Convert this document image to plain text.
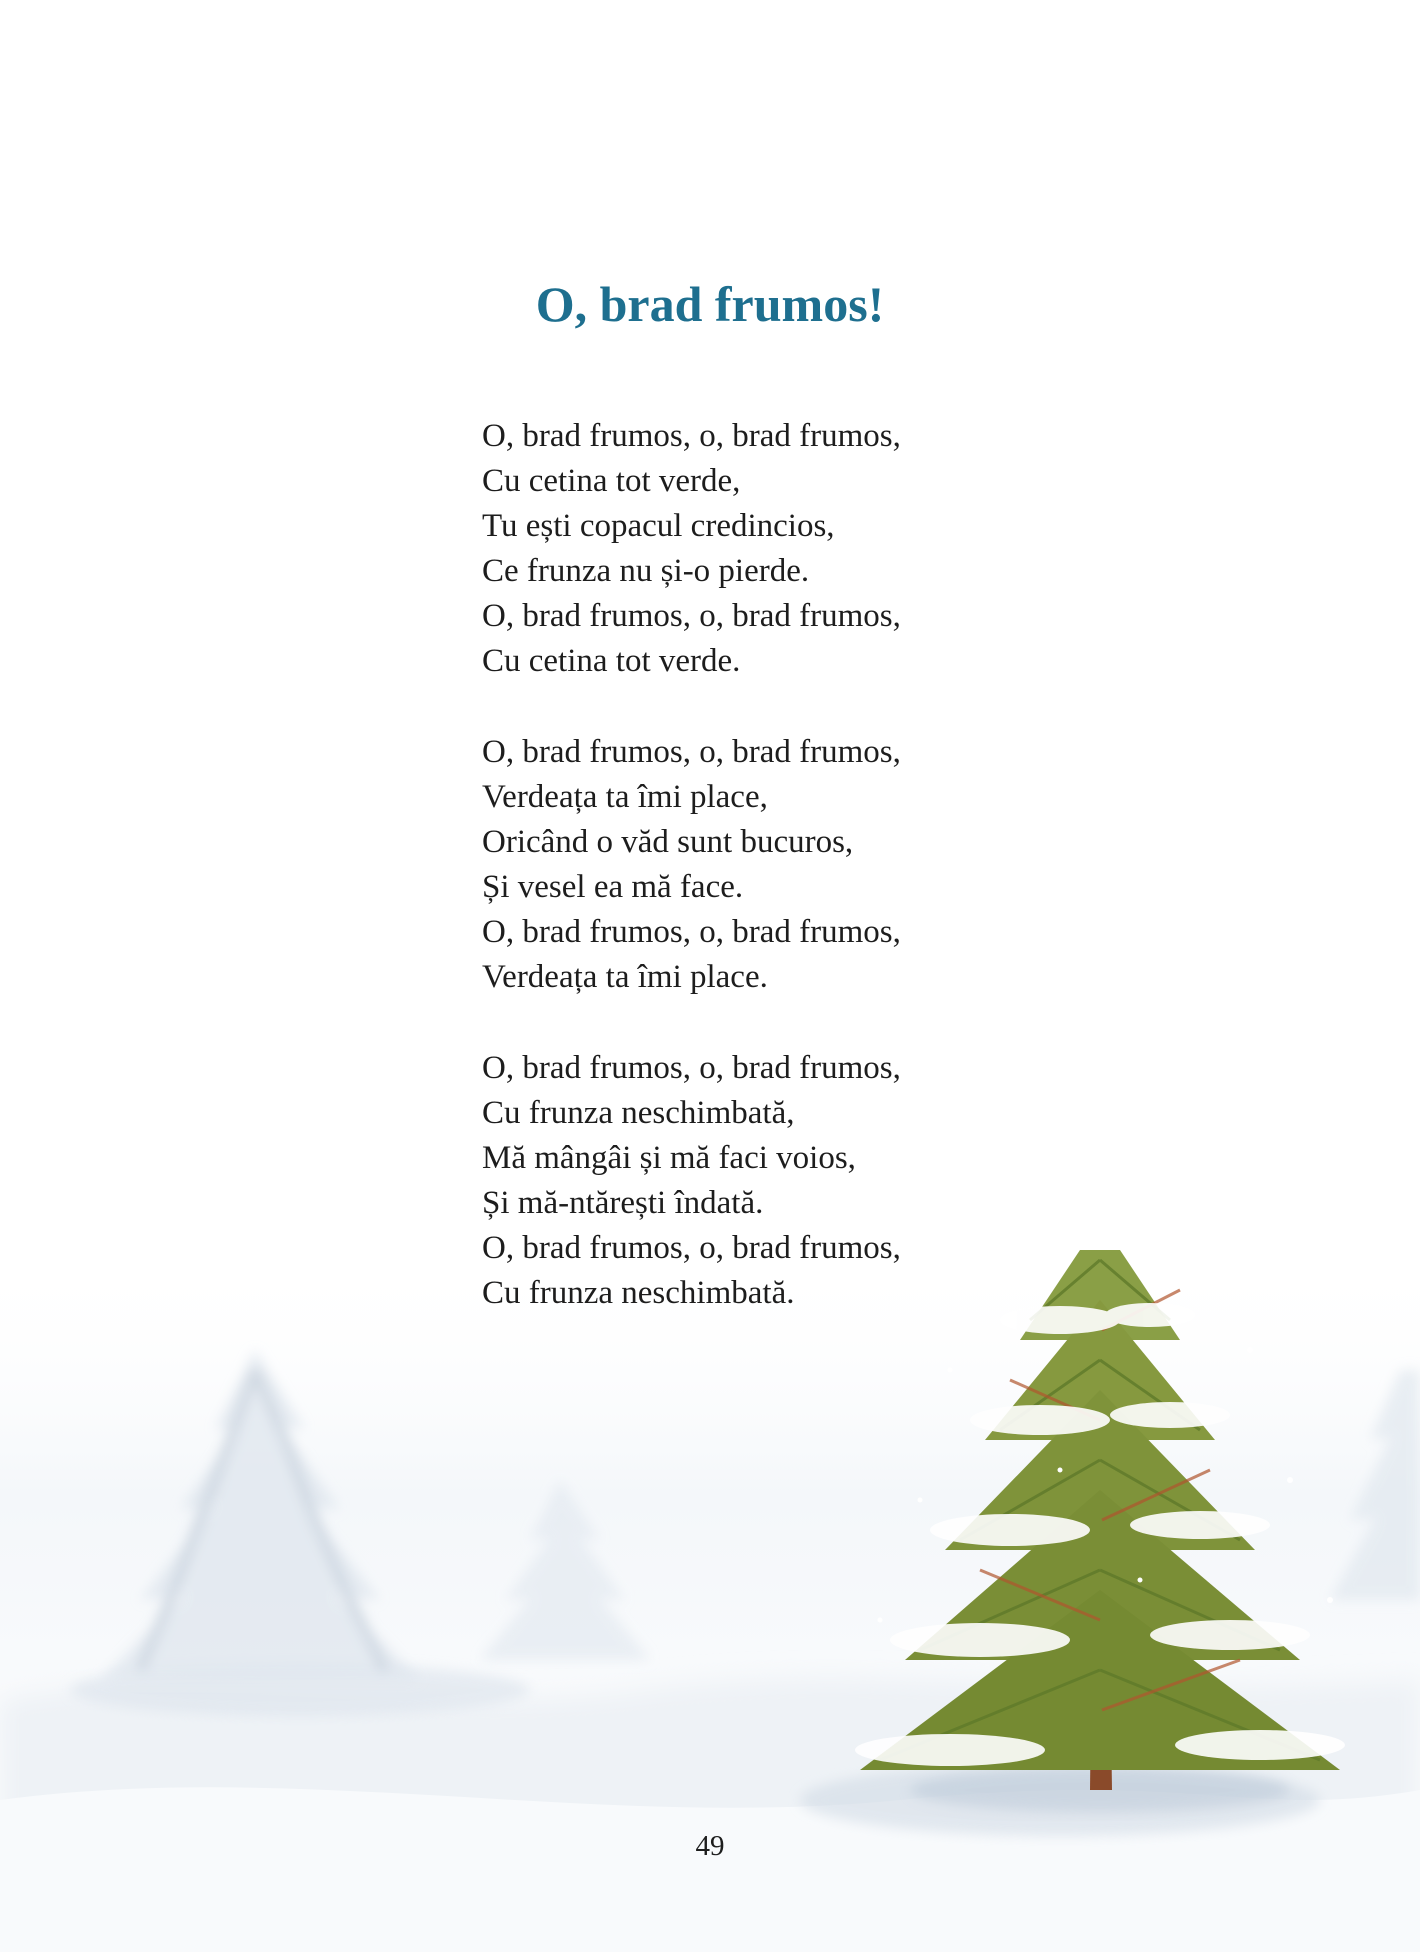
O, brad frumos!
O, brad frumos, o, brad frumos,
Cu cetina tot verde,
Tu ești copacul credincios,
Ce frunza nu și-o pierde.
O, brad frumos, o, brad frumos,
Cu cetina tot verde.
O, brad frumos, o, brad frumos,
Verdeața ta îmi place,
Oricând o văd sunt bucuros,
Și vesel ea mă face.
O, brad frumos, o, brad frumos,
Verdeața ta îmi place.
O, brad frumos, o, brad frumos,
Cu frunza neschimbată,
Mă mângâi și mă faci voios,
Și mă-ntărești îndată.
O, brad frumos, o, brad frumos,
Cu frunza neschimbată.
49
